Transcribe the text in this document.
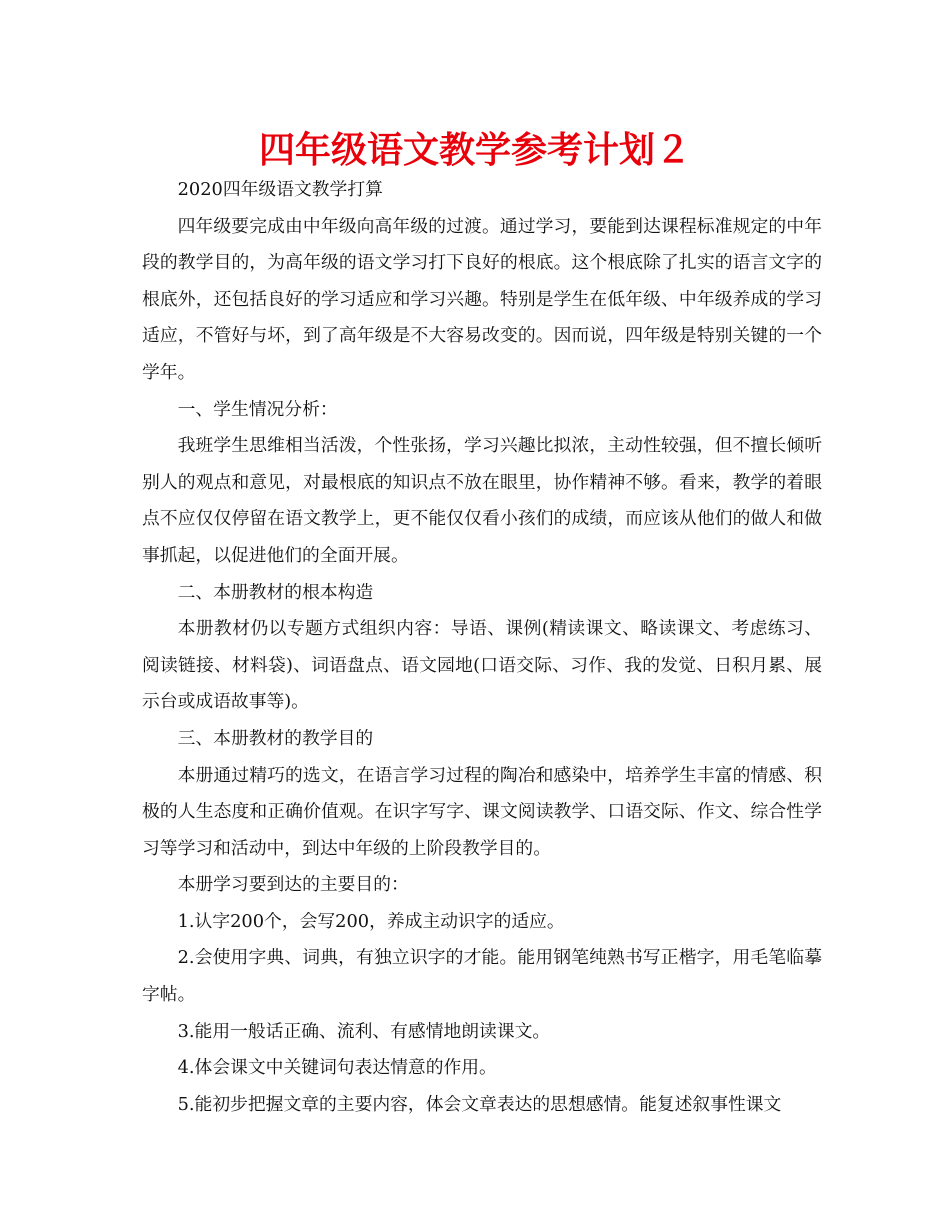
四年级语文教学参考计划２

2020四年级语文教学打算

四年级要完成由中年级向高年级的过渡。通过学习，要能到达课程标准规定的中年段的教学目的，为高年级的语文学习打下良好的根底。这个根底除了扎实的语言文字的根底外，还包括良好的学习适应和学习兴趣。特别是学生在低年级、中年级养成的学习适应，不管好与坏，到了高年级是不大容易改变的。因而说，四年级是特别关键的一个学年。

一、学生情况分析：

我班学生思维相当活泼，个性张扬，学习兴趣比拟浓，主动性较强，但不擅长倾听别人的观点和意见，对最根底的知识点不放在眼里，协作精神不够。看来，教学的着眼点不应仅仅停留在语文教学上，更不能仅仅看小孩们的成绩，而应该从他们的做人和做事抓起，以促进他们的全面开展。

二、本册教材的根本构造

本册教材仍以专题方式组织内容：导语、课例(精读课文、略读课文、考虑练习、阅读链接、材料袋)、词语盘点、语文园地(口语交际、习作、我的发觉、日积月累、展示台或成语故事等)。

三、本册教材的教学目的

本册通过精巧的选文，在语言学习过程的陶冶和感染中，培养学生丰富的情感、积极的人生态度和正确价值观。在识字写字、课文阅读教学、口语交际、作文、综合性学习等学习和活动中，到达中年级的上阶段教学目的。

本册学习要到达的主要目的：

1.认字200个，会写200，养成主动识字的适应。

2.会使用字典、词典，有独立识字的才能。能用钢笔纯熟书写正楷字，用毛笔临摹字帖。

3.能用一般话正确、流利、有感情地朗读课文。

4.体会课文中关键词句表达情意的作用。

5.能初步把握文章的主要内容，体会文章表达的思想感情。能复述叙事性课文
